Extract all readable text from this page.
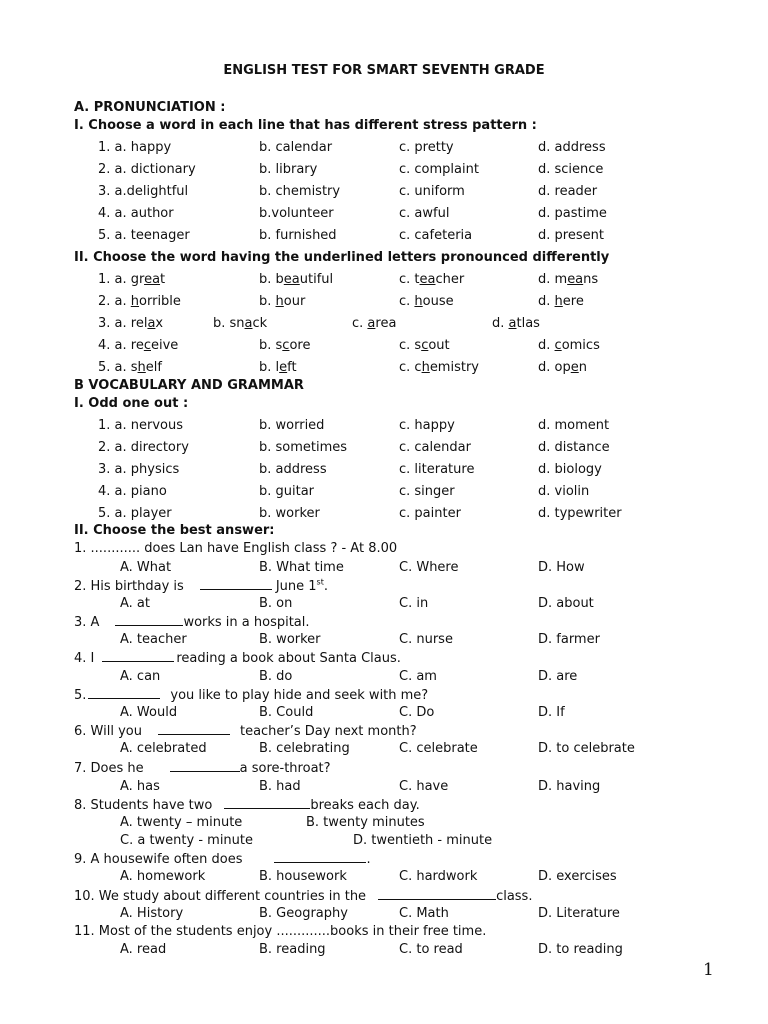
ENGLISH TEST FOR SMART SEVENTH GRADE
A. PRONUNCIATION :
I. Choose a word in each line that has different stress pattern :
1. a. happy	b. calendar	c. pretty	d. address
2. a. dictionary	b. library	c. complaint	d. science
3. a.delightful	b. chemistry	c. uniform	d. reader
4. a. author	b.volunteer	c. awful	d. pastime
5. a. teenager	b. furnished	c. cafeteria	d. present
II. Choose the word having the underlined letters pronounced differently
1. a. great	b. beautiful	c. teacher	d. means
2. a. horrible	b. hour	c. house	d. here
3. a. relax	b. snack	c. area	d. atlas
4. a. receive	b. score	c. scout	d. comics
5. a. shelf	b. left	c. chemistry	d. open
B VOCABULARY AND GRAMMAR
I. Odd one out :
1. a. nervous	b. worried	c. happy	d. moment
2. a. directory	b. sometimes	c. calendar	d. distance
3. a. physics	b. address	c. literature	d. biology
4. a. piano	b. guitar	c. singer	d. violin
5. a. player	b. worker	c. painter	d. typewriter
II. Choose the best answer:
1. ............ does Lan have English class ? - At 8.00
A. What	B. What time	C. Where	D. How
2. His birthday is	June 1st.
A. at	B. on	C. in	D. about
3. A	works in a hospital.
A. teacher	B. worker	C. nurse	D. farmer
4. I	reading a book about Santa Claus.
A. can	B. do	C. am	D. are
5.	you like to play hide and seek with me?
A. Would	B. Could	C. Do	D. If
6. Will you	teacher’s Day next month?
A. celebrated	B. celebrating	C. celebrate	D. to celebrate
7. Does he	a sore-throat?
A. has	B. had	C. have	D. having
8. Students have two	breaks each day.
A. twenty – minute	B. twenty minutes
C. a twenty - minute	D. twentieth - minute
9. A housewife often does	.
A. homework	B. housework	C. hardwork	D. exercises
10. We study about different countries in the	class.
A. History	B. Geography	C. Math	D. Literature
11. Most of the students enjoy .............books in their free time.
A. read	B. reading	C. to read	D. to reading
1
